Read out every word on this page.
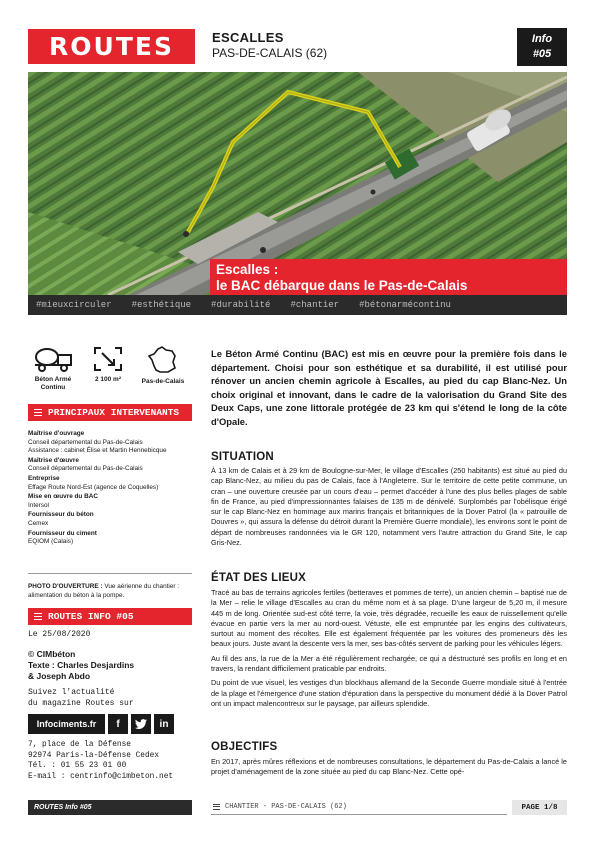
ROUTES	ESCALLES
PAS-DE-CALAIS (62)
Info
#05
Escalles :
le BAC débarque dans le Pas-de-Calais
#mieuxcirculer #esthétique #durabilité #chantier #bétonarmécontinu
Béton Armé Continu
2 100 m²	Pas-de-Calais
PRINCIPAUX INTERVENANTS
Maîtrise d'ouvrage
Conseil départemental du Pas-de-Calais
Assistance : cabinet Élise et Martin Hennebicque
Maîtrise d'œuvre
Conseil départemental du Pas-de-Calais
Entreprise
Effage Route Nord-Est (agence de Coquelles)
Mise en œuvre du BAC
Intersol
Fournisseur du béton
Cemex
Fournisseur du ciment
EQIOM (Calais)
PHOTO D'OUVERTURE : Vue aérienne du chantier : alimentation du béton à la pompe.
ROUTES INFO #05
Le 25/08/2020
© CIMbéton
Texte : Charles Desjardins
& Joseph Abdo
Suivez l'actualité
du magazine Routes sur
Infociments.fr	f	in
7, place de la Défense
92974 Paris-la-Défense Cedex
Tél. : 01 55 23 01 00
E-mail : centrinfo@cimbeton.net
Le Béton Armé Continu (BAC) est mis en œuvre pour la première fois dans le département. Choisi pour son esthétique et sa durabilité, il est utilisé pour rénover un ancien chemin agricole à Escalles, au pied du cap Blanc-Nez. Un choix original et innovant, dans le cadre de la valorisation du Grand Site des Deux Caps, une zone littorale protégée de 23 km qui s'étend le long de la côte d'Opale.
SITUATION

À 13 km de Calais et à 29 km de Boulogne-sur-Mer, le village d'Escalles (250 habitants) est situé au pied du cap Blanc-Nez, au milieu du pas de Calais, face à l'Angleterre. Sur le territoire de cette petite commune, un cran – une ouverture creusée par un cours d'eau – permet d'accéder à l'une des plus belles plages de sable fin de France, au pied d'impressionnantes falaises de 135 m de dénivelé. Surplombés par l'obélisque érigé sur le cap Blanc-Nez en hommage aux marins français et britanniques de la Dover Patrol (la « patrouille de Douvres », qui assura la défense du détroit durant la Première Guerre mondiale), les environs sont le point de départ de nombreuses randonnées via le GR 120, notamment vers l'autre attraction du Grand Site, le cap Gris-Nez.

ÉTAT DES LIEUX

Tracé au bas de terrains agricoles fertiles (betteraves et pommes de terre), un ancien chemin – baptisé rue de la Mer – relie le village d'Escalles au cran du même nom et à sa plage. D'une largeur de 5,20 m, il mesure 445 m de long. Orientée sud-est côté terre, la voie, très dégradée, recueille les eaux de ruissellement qu'elle évacue en partie vers la mer au nord-ouest. Vétuste, elle est empruntée par les engins des cultivateurs, surtout au moment des récoltes. Elle est également fréquentée par les voitures des promeneurs dès les beaux jours. Juste avant la descente vers la mer, ses bas-côtés servent de parking pour les véhicules légers.

Au fil des ans, la rue de la Mer a été régulièrement rechargée, ce qui a déstructuré ses profils en long et en travers, la rendant difficilement praticable par endroits.

Du point de vue visuel, les vestiges d'un blockhaus allemand de la Seconde Guerre mondiale situé à l'entrée de la plage et l'émergence d'une station d'épuration dans la perspective du monument dédié à la Dover Patrol ont un impact malencontreux sur le paysage, par ailleurs splendide.

OBJECTIFS

En 2017, après mûres réflexions et de nombreuses consultations, le département du Pas-de-Calais a lancé le projet d'aménagement de la zone située au pied du cap Blanc-Nez. Cette opé-

ROUTES Info #05	CHANTIER - PAS-DE-CALAIS (62)	PAGE 1/8
